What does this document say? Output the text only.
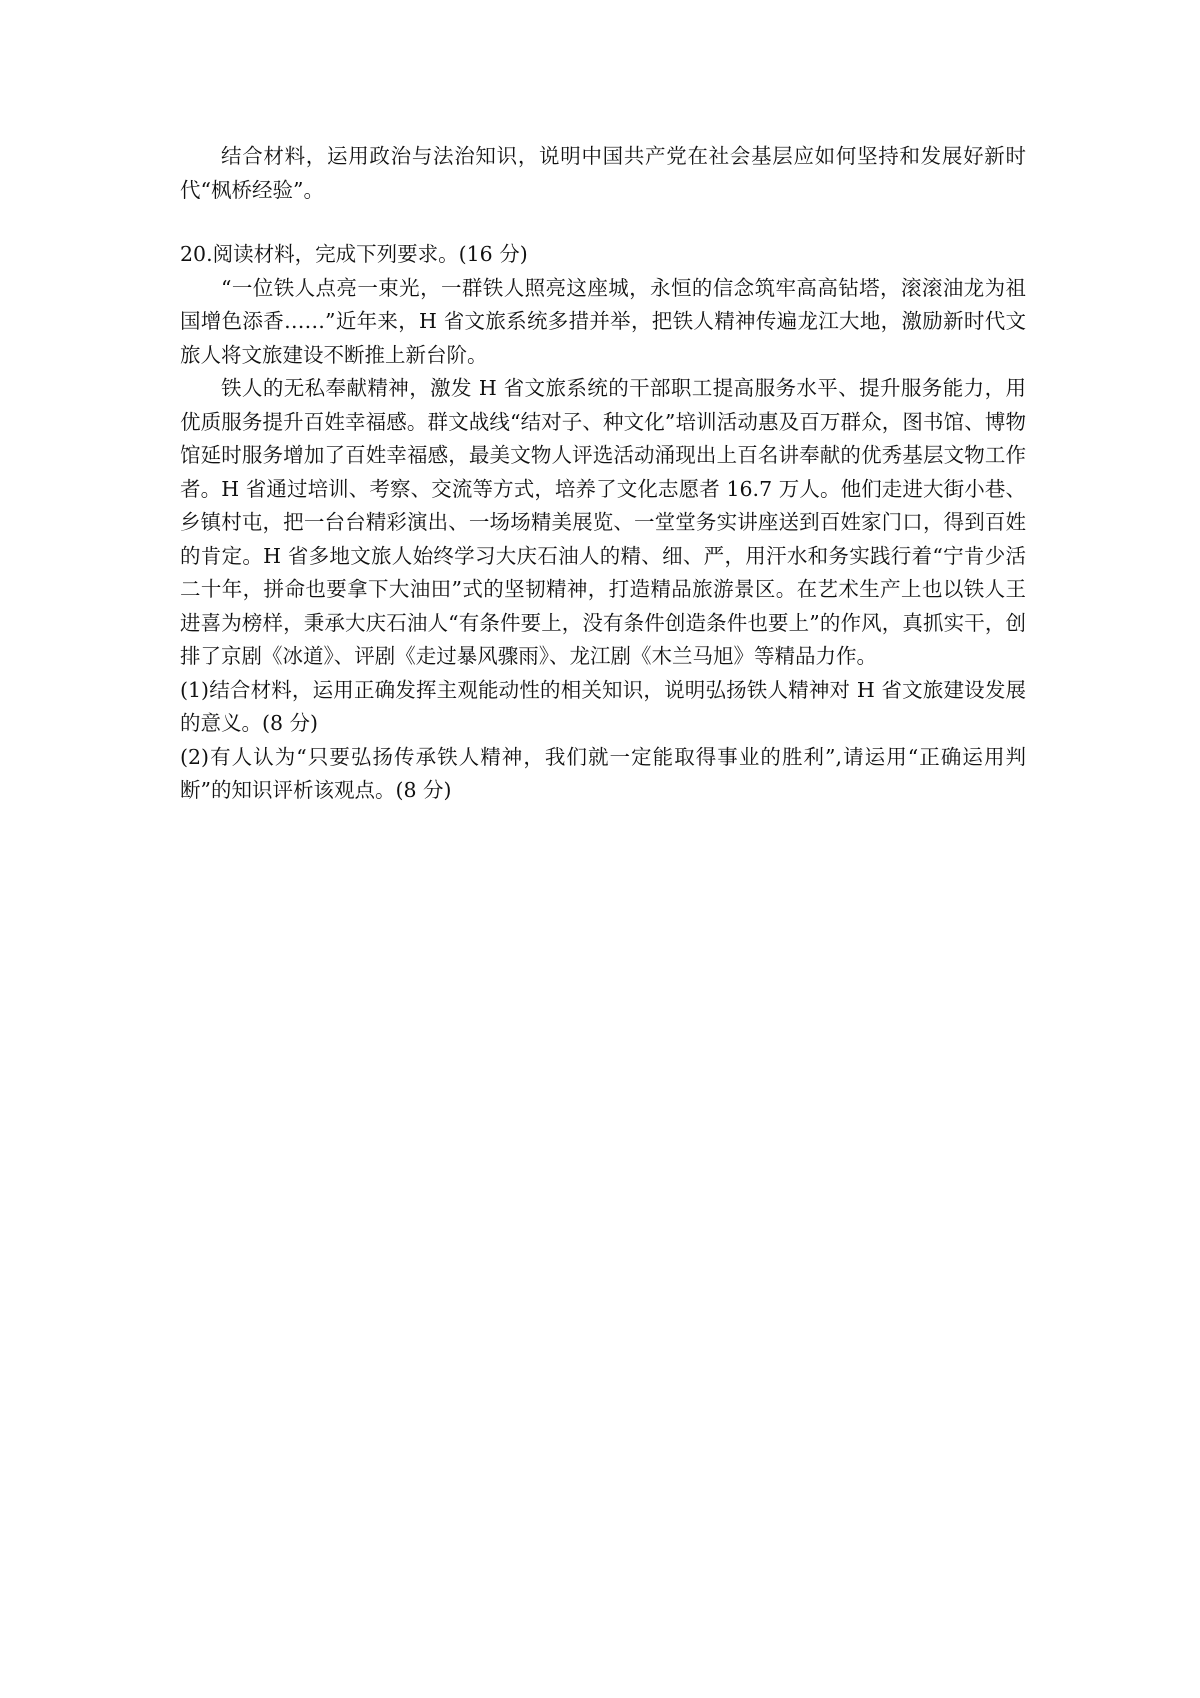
结合材料，运用政治与法治知识，说明中国共产党在社会基层应如何坚持和发展好新时代“枫桥经验”。

20.阅读材料，完成下列要求。(16 分)

“一位铁人点亮一束光，一群铁人照亮这座城，永恒的信念筑牢高高钻塔，滚滚油龙为祖国增色添香……”近年来，H 省文旅系统多措并举，把铁人精神传遍龙江大地，激励新时代文旅人将文旅建设不断推上新台阶。

铁人的无私奉献精神，激发 H 省文旅系统的干部职工提高服务水平、提升服务能力，用优质服务提升百姓幸福感。群文战线“结对子、种文化”培训活动惠及百万群众，图书馆、博物馆延时服务增加了百姓幸福感，最美文物人评选活动涌现出上百名讲奉献的优秀基层文物工作者。H 省通过培训、考察、交流等方式，培养了文化志愿者 16.7 万人。他们走进大街小巷、乡镇村屯，把一台台精彩演出、一场场精美展览、一堂堂务实讲座送到百姓家门口，得到百姓的肯定。H 省多地文旅人始终学习大庆石油人的精、细、严，用汗水和务实践行着“宁肯少活二十年，拼命也要拿下大油田”式的坚韧精神，打造精品旅游景区。在艺术生产上也以铁人王进喜为榜样，秉承大庆石油人“有条件要上，没有条件创造条件也要上”的作风，真抓实干，创排了京剧《冰道》、评剧《走过暴风骤雨》、龙江剧《木兰马旭》等精品力作。

(1)结合材料，运用正确发挥主观能动性的相关知识，说明弘扬铁人精神对 H 省文旅建设发展的意义。(8 分)

(2)有人认为“只要弘扬传承铁人精神，我们就一定能取得事业的胜利”,请运用“正确运用判断”的知识评析该观点。(8 分)
